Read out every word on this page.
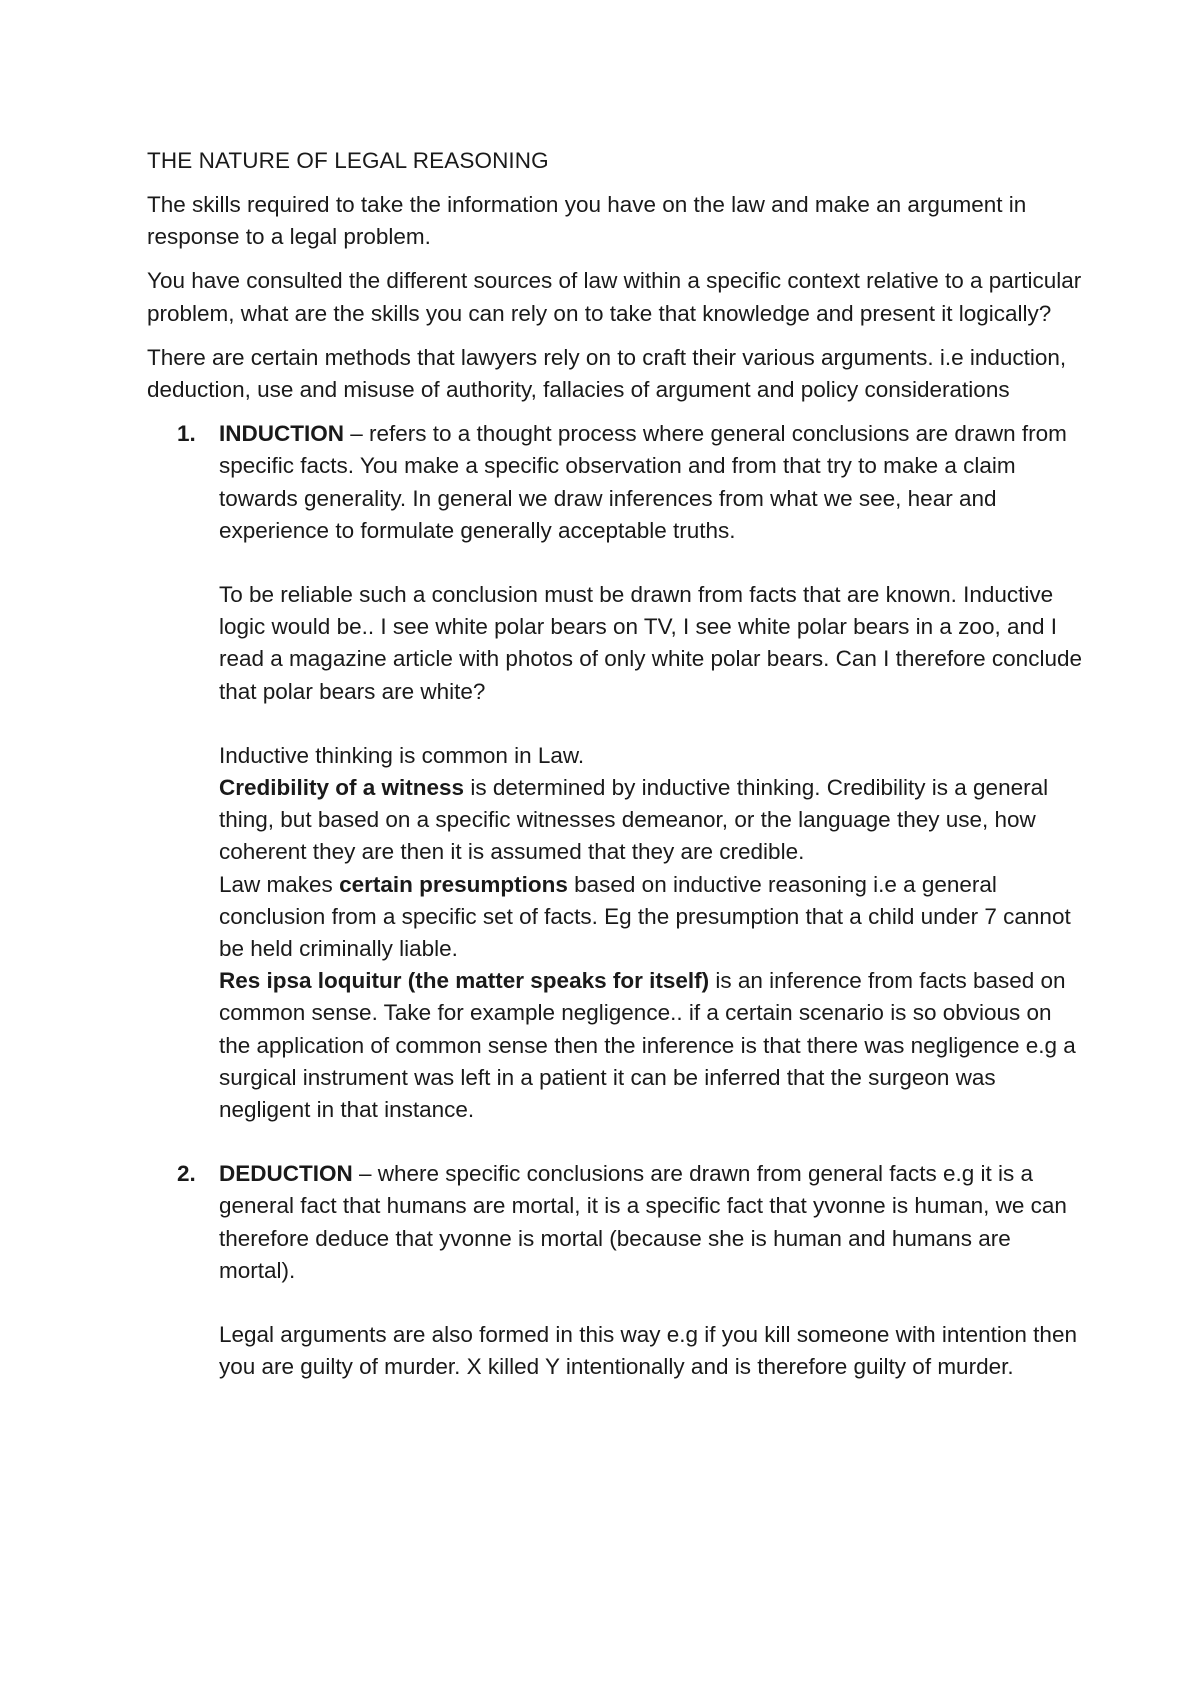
THE NATURE OF LEGAL REASONING

The skills required to take the information you have on the law and make an argument in response to a legal problem.

You have consulted the different sources of law within a specific context relative to a particular problem, what are the skills you can rely on to take that knowledge and present it logically?

There are certain methods that lawyers rely on to craft their various arguments. i.e induction, deduction, use and misuse of authority, fallacies of argument and policy considerations

1. INDUCTION – refers to a thought process where general conclusions are drawn from specific facts. You make a specific observation and from that try to make a claim towards generality. In general we draw inferences from what we see, hear and experience to formulate generally acceptable truths.

To be reliable such a conclusion must be drawn from facts that are known. Inductive logic would be.. I see white polar bears on TV, I see white polar bears in a zoo, and I read a magazine article with photos of only white polar bears. Can I therefore conclude that polar bears are white?

Inductive thinking is common in Law.

Credibility of a witness is determined by inductive thinking. Credibility is a general thing, but based on a specific witnesses demeanor, or the language they use, how coherent they are then it is assumed that they are credible.

Law makes certain presumptions based on inductive reasoning i.e a general conclusion from a specific set of facts. Eg the presumption that a child under 7 cannot be held criminally liable.

Res ipsa loquitur (the matter speaks for itself) is an inference from facts based on common sense. Take for example negligence.. if a certain scenario is so obvious on the application of common sense then the inference is that there was negligence e.g a surgical instrument was left in a patient it can be inferred that the surgeon was negligent in that instance.

2. DEDUCTION – where specific conclusions are drawn from general facts e.g it is a general fact that humans are mortal, it is a specific fact that yvonne is human, we can therefore deduce that yvonne is mortal (because she is human and humans are mortal).

Legal arguments are also formed in this way e.g if you kill someone with intention then you are guilty of murder. X killed Y intentionally and is therefore guilty of murder.
